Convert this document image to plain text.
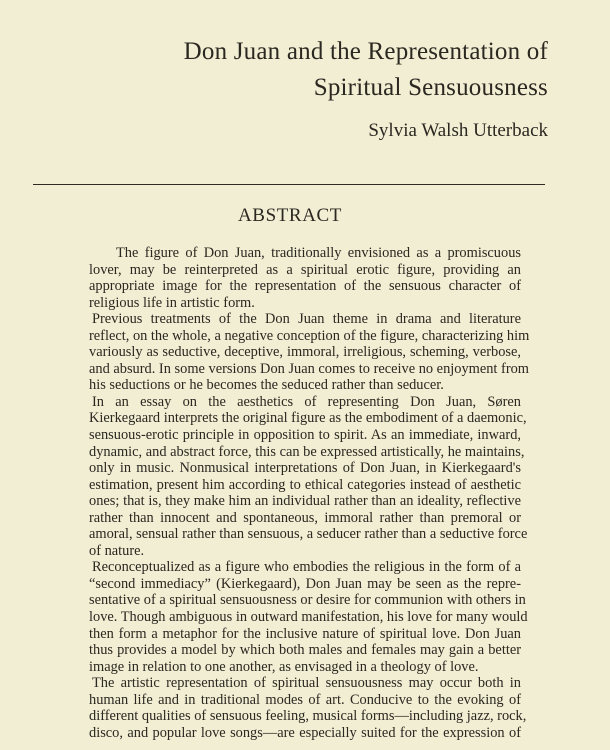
Don Juan and the Representation of
Spiritual Sensuousness
Sylvia Walsh Utterback
ABSTRACT
The figure of Don Juan, traditionally envisioned as a promiscuous
lover, may be reinterpreted as a spiritual erotic figure, providing an
appropriate image for the representation of the sensuous character of
religious life in artistic form.
Previous treatments of the Don Juan theme in drama and literature
reflect, on the whole, a negative conception of the figure, characterizing him
variously as seductive, deceptive, immoral, irreligious, scheming, verbose,
and absurd. In some versions Don Juan comes to receive no enjoyment from
his seductions or he becomes the seduced rather than seducer.
In an essay on the aesthetics of representing Don Juan, Søren
Kierkegaard interprets the original figure as the embodiment of a daemonic,
sensuous-erotic principle in opposition to spirit. As an immediate, inward,
dynamic, and abstract force, this can be expressed artistically, he maintains,
only in music. Nonmusical interpretations of Don Juan, in Kierkegaard's
estimation, present him according to ethical categories instead of aesthetic
ones; that is, they make him an individual rather than an ideality, reflective
rather than innocent and spontaneous, immoral rather than premoral or
amoral, sensual rather than sensuous, a seducer rather than a seductive force
of nature.
Reconceptualized as a figure who embodies the religious in the form of a
“second immediacy” (Kierkegaard), Don Juan may be seen as the repre-
sentative of a spiritual sensuousness or desire for communion with others in
love. Though ambiguous in outward manifestation, his love for many would
then form a metaphor for the inclusive nature of spiritual love. Don Juan
thus provides a model by which both males and females may gain a better
image in relation to one another, as envisaged in a theology of love.
The artistic representation of spiritual sensuousness may occur both in
human life and in traditional modes of art. Conducive to the evoking of
different qualities of sensuous feeling, musical forms—including jazz, rock,
disco, and popular love songs—are especially suited for the expression of
